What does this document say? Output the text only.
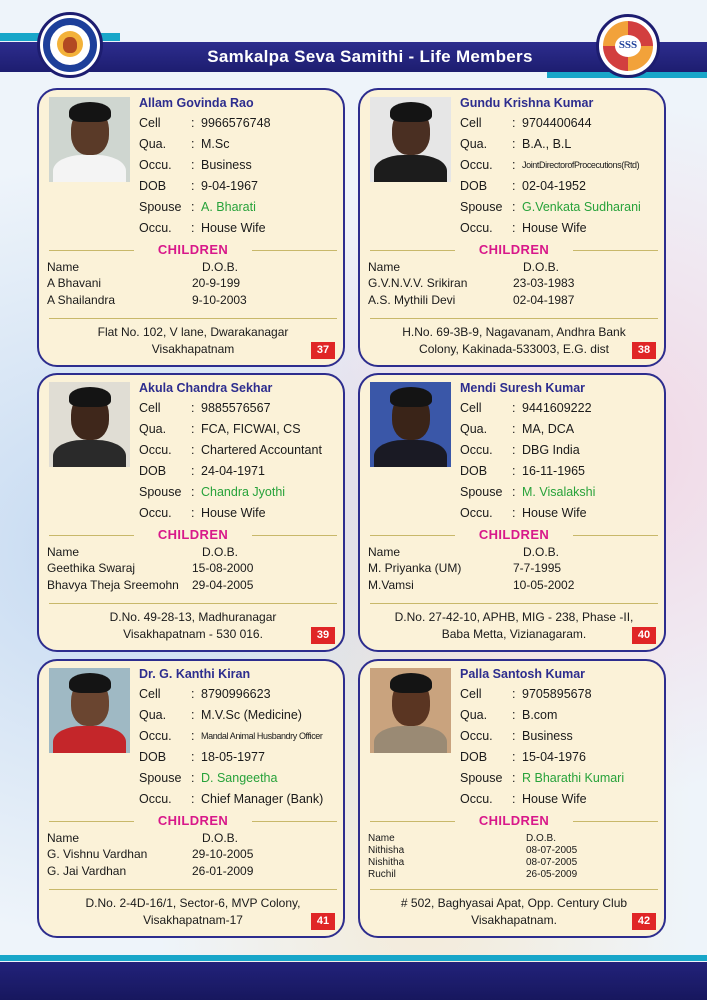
Samkalpa Seva Samithi - Life Members
SSS
Allam Govinda Rao
Cell : 9966576748
Qua. : M.Sc
Occu. : Business
DOB : 9-04-1967
Spouse : A. Bharati
Occu. : House Wife
CHILDREN
Name	D.O.B.
A Bhavani	20-9-199
A Shailandra	9-10-2003
Flat No. 102, V lane, Dwarakanagar
Visakhapatnam	37
Gundu Krishna Kumar
Cell : 9704400644
Qua. : B.A., B.L
Occu. : JointDirectorofProcecutions(Rtd)
DOB : 02-04-1952
Spouse : G.Venkata Sudharani
Occu. : House Wife
CHILDREN
Name	D.O.B.
G.V.N.V.V. Srikiran	23-03-1983
A.S. Mythili Devi	02-04-1987
H.No. 69-3B-9, Nagavanam, Andhra Bank
Colony, Kakinada-533003, E.G. dist	38
Akula Chandra Sekhar
Cell : 9885576567
Qua. : FCA, FICWAI, CS
Occu. : Chartered Accountant
DOB : 24-04-1971
Spouse : Chandra Jyothi
Occu. : House Wife
CHILDREN
Name	D.O.B.
Geethika Swaraj	15-08-2000
Bhavya Theja Sreemohn 29-04-2005
D.No. 49-28-13, Madhuranagar
Visakhapatnam - 530 016.	39
Mendi Suresh Kumar
Cell : 9441609222
Qua. : MA, DCA
Occu. : DBG India
DOB : 16-11-1965
Spouse : M. Visalakshi
Occu. : House Wife
CHILDREN
Name	D.O.B.
M. Priyanka (UM)	7-7-1995
M.Vamsi	10-05-2002
D.No. 27-42-10, APHB, MIG - 238, Phase -II,
Baba Metta, Vizianagaram.	40
Dr. G. Kanthi Kiran
Cell : 8790996623
Qua. : M.V.Sc (Medicine)
Occu. : Mandal Animal Husbandry Officer
DOB : 18-05-1977
Spouse : D. Sangeetha
Occu. : Chief Manager (Bank)
CHILDREN
Name	D.O.B.
G. Vishnu Vardhan	29-10-2005
G. Jai Vardhan	26-01-2009
D.No. 2-4D-16/1, Sector-6, MVP Colony,
Visakhapatnam-17	41
Palla Santosh Kumar
Cell : 9705895678
Qua. : B.com
Occu. : Business
DOB : 15-04-1976
Spouse : R Bharathi Kumari
Occu. : House Wife
CHILDREN
Name	D.O.B.
Nithisha	08-07-2005
Nishitha	08-07-2005
Ruchil	26-05-2009
# 502, Baghyasai Apat, Opp. Century Club
Visakhapatnam.	42
